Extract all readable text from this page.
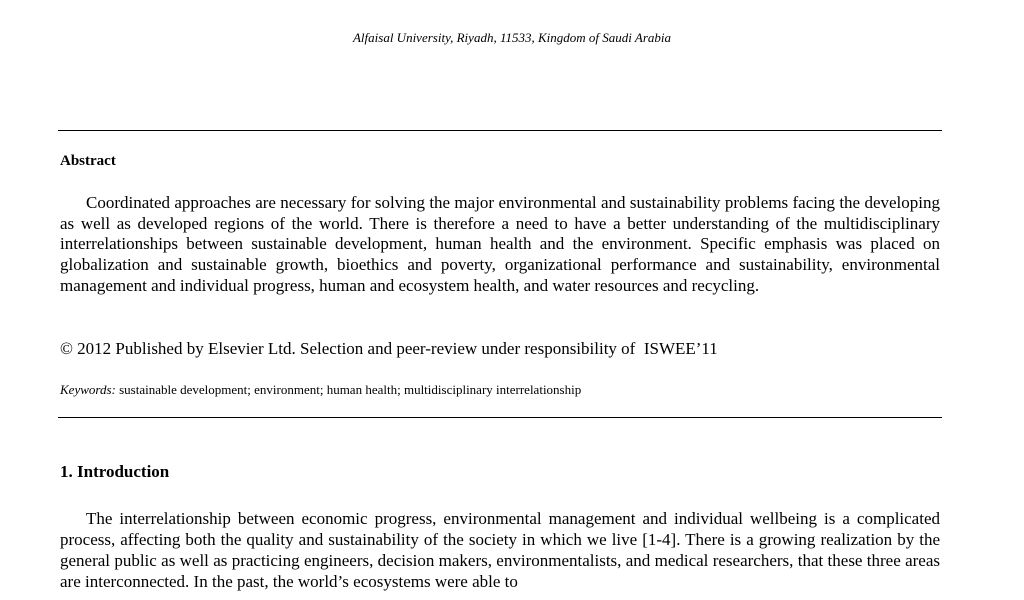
Alfaisal University, Riyadh, 11533, Kingdom of Saudi Arabia
Abstract

Coordinated approaches are necessary for solving the major environmental and sustainability problems facing the developing as well as developed regions of the world. There is therefore a need to have a better understanding of the multidisciplinary interrelationships between sustainable development, human health and the environment. Specific emphasis was placed on globalization and sustainable growth, bioethics and poverty, organizational performance and sustainability, environmental management and individual progress, human and ecosystem health, and water resources and recycling.

© 2012 Published by Elsevier Ltd. Selection and peer-review under responsibility of  ISWEE’11
Keywords: sustainable development; environment; human health; multidisciplinary interrelationship
1. Introduction

The interrelationship between economic progress, environmental management and individual wellbeing is a complicated process, affecting both the quality and sustainability of the society in which we live [1-4]. There is a growing realization by the general public as well as practicing engineers, decision makers, environmentalists, and medical researchers, that these three areas are interconnected. In the past, the world’s ecosystems were able to
